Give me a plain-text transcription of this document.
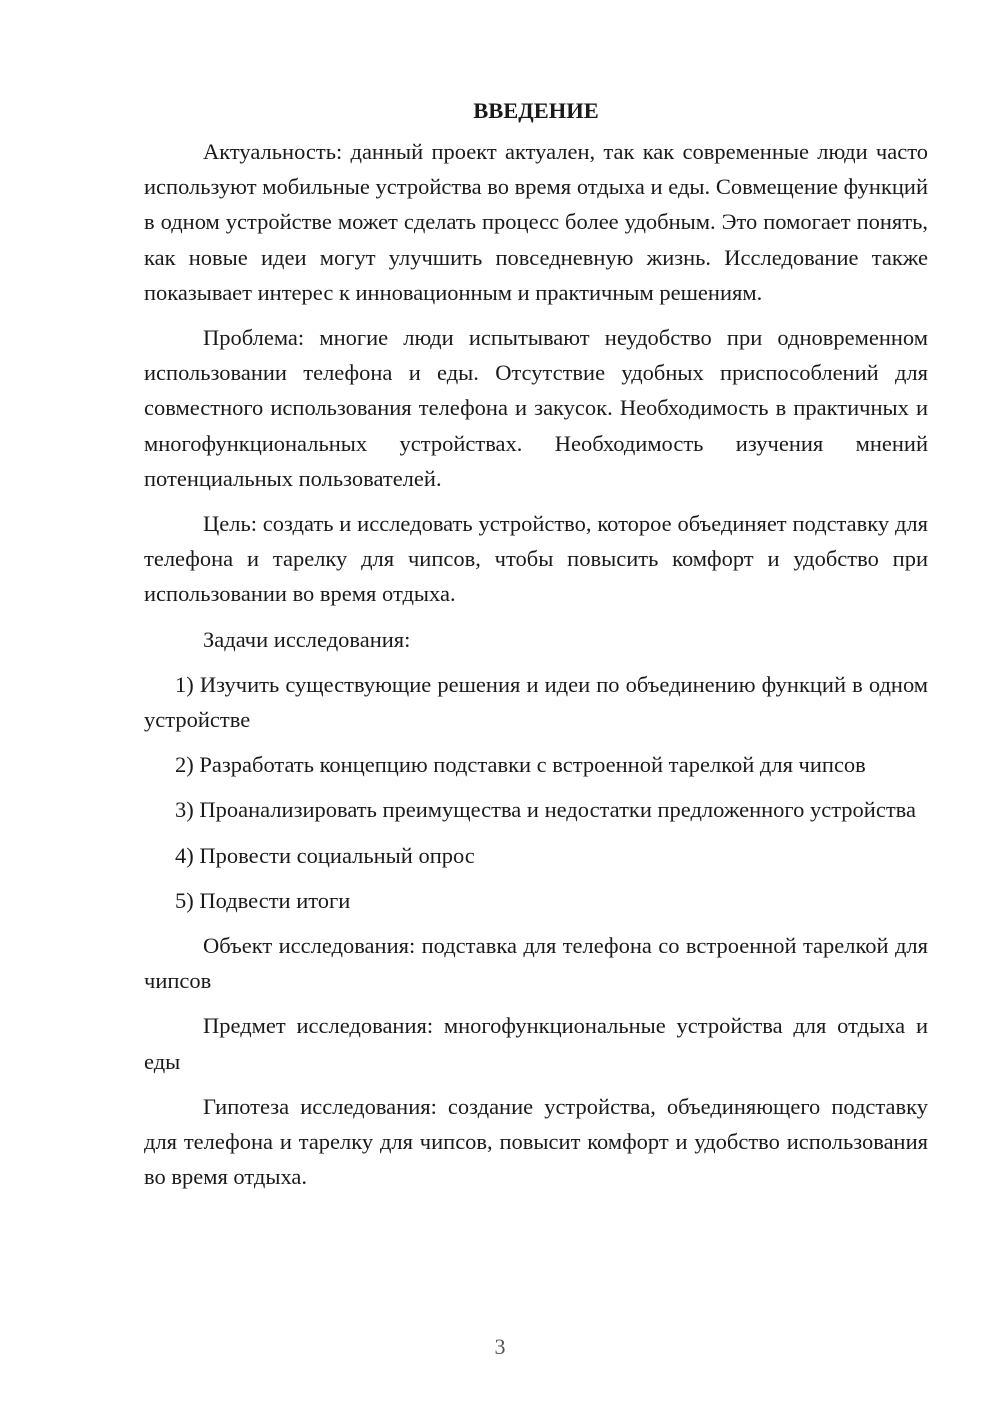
ВВЕДЕНИЕ

Актуальность: данный проект актуален, так как современные люди часто используют мобильные устройства во время отдыха и еды. Совмещение функций в одном устройстве может сделать процесс более удобным. Это помогает понять, как новые идеи могут улучшить повседневную жизнь. Исследование также показывает интерес к инновационным и практичным решениям.

Проблема: многие люди испытывают неудобство при одновременном использовании телефона и еды. Отсутствие удобных приспособлений для совместного использования телефона и закусок. Необходимость в практичных и многофункциональных устройствах. Необходимость изучения мнений потенциальных пользователей.

Цель: создать и исследовать устройство, которое объединяет подставку для телефона и тарелку для чипсов, чтобы повысить комфорт и удобство при использовании во время отдыха.

Задачи исследования:

1) Изучить существующие решения и идеи по объединению функций в одном устройстве

2) Разработать концепцию подставки с встроенной тарелкой для чипсов

3) Проанализировать преимущества и недостатки предложенного устройства

4) Провести социальный опрос

5) Подвести итоги

Объект исследования: подставка для телефона со встроенной тарелкой для чипсов

Предмет исследования: многофункциональные устройства для отдыха и еды

Гипотеза исследования: создание устройства, объединяющего подставку для телефона и тарелку для чипсов, повысит комфорт и удобство использования во время отдыха.

3
